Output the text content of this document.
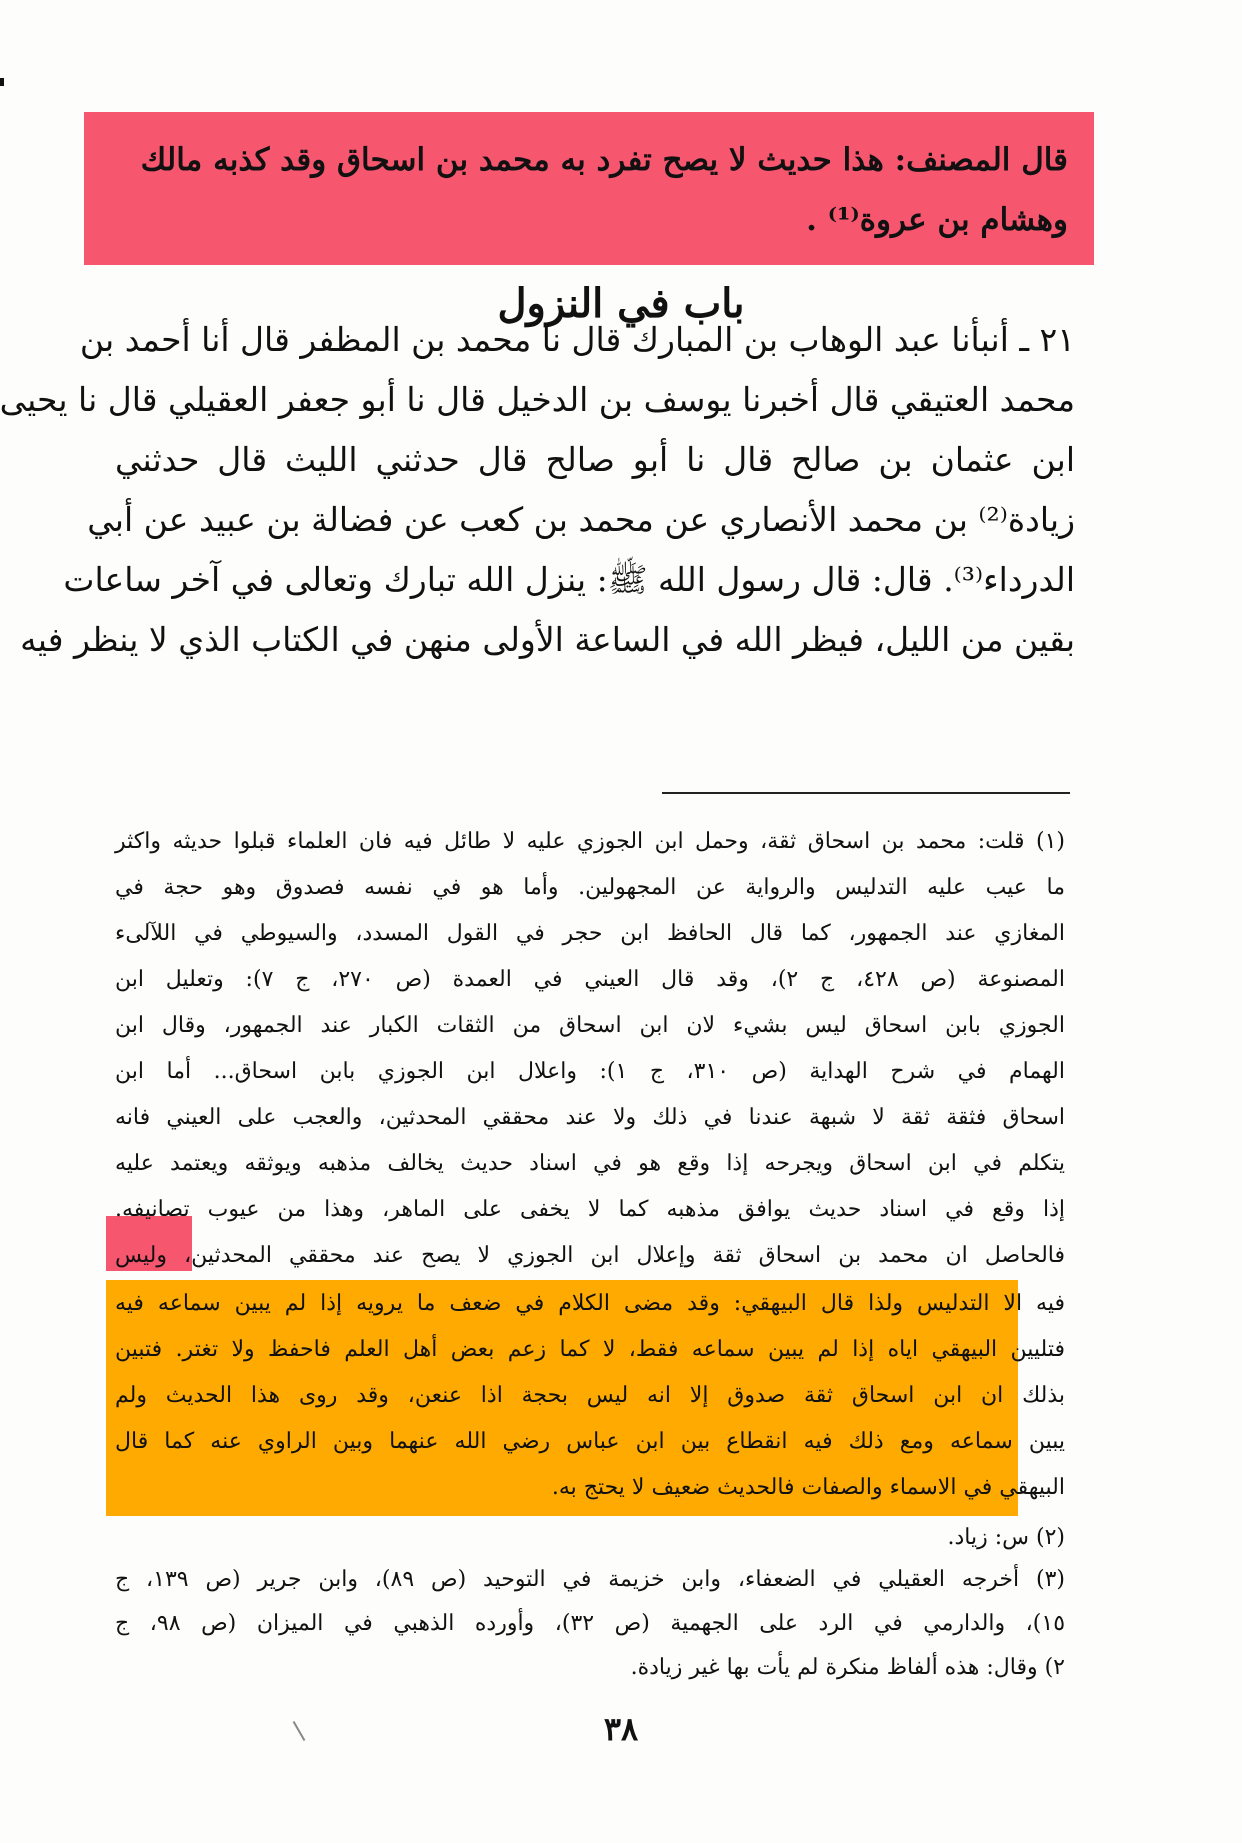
قال المصنف: هذا حديث لا يصح تفرد به محمد بن اسحاق وقد كذبه مالك

وهشام بن عروة⁽¹⁾ .

باب في النزول
٢١ ـ أنبأنا عبد الوهاب بن المبارك قال نا محمد بن المظفر قال أنا أحمد بن
محمد العتيقي قال أخبرنا يوسف بن الدخيل قال نا أبو جعفر العقيلي قال نا يحيى
ابن عثمان بن صالح قال نا أبو صالح قال حدثني الليث قال حدثني
زيادة⁽²⁾ بن محمد الأنصاري عن محمد بن كعب عن فضالة بن عبيد عن أبي
الدرداء⁽³⁾. قال: قال رسول الله ﷺ: ينزل الله تبارك وتعالى في آخر ساعات
بقين من الليل، فيظر الله في الساعة الأولى منهن في الكتاب الذي لا ينظر فيه
(١) قلت: محمد بن اسحاق ثقة، وحمل ابن الجوزي عليه لا طائل فيه فان العلماء قبلوا حديثه واكثر
ما عيب عليه التدليس والرواية عن المجهولين. وأما هو في نفسه فصدوق وهو حجة في
المغازي عند الجمهور، كما قال الحافظ ابن حجر في القول المسدد، والسيوطي في اللآلىء
المصنوعة (ص ٤٢٨، ج ٢)، وقد قال العيني في العمدة (ص ٢٧٠، ج ٧): وتعليل ابن
الجوزي بابن اسحاق ليس بشيء لان ابن اسحاق من الثقات الكبار عند الجمهور، وقال ابن
الهمام في شرح الهداية (ص ٣١٠، ج ١): واعلال ابن الجوزي بابن اسحاق... أما ابن
اسحاق فثقة ثقة لا شبهة عندنا في ذلك ولا عند محققي المحدثين، والعجب على العيني فانه
يتكلم في ابن اسحاق ويجرحه إذا وقع هو في اسناد حديث يخالف مذهبه ويوثقه ويعتمد عليه
إذا وقع في اسناد حديث يوافق مذهبه كما لا يخفى على الماهر، وهذا من عيوب تصانيفه.
فالحاصل ان محمد بن اسحاق ثقة وإعلال ابن الجوزي لا يصح عند محققي المحدثين، وليس
فيه الا التدليس ولذا قال البيهقي: وقد مضى الكلام في ضعف ما يرويه إذا لم يبين سماعه فيه
فتليين البيهقي اياه إذا لم يبين سماعه فقط، لا كما زعم بعض أهل العلم فاحفظ ولا تغتر. فتبين
بذلك ان ابن اسحاق ثقة صدوق إلا انه ليس بحجة اذا عنعن، وقد روى هذا الحديث ولم
يبين سماعه ومع ذلك فيه انقطاع بين ابن عباس رضي الله عنهما وبين الراوي عنه كما قال
البيهقي في الاسماء والصفات فالحديث ضعيف لا يحتج به.
(٢) س: زياد.
(٣) أخرجه العقيلي في الضعفاء، وابن خزيمة في التوحيد (ص ٨٩)، وابن جرير (ص ١٣٩، ج
١٥)، والدارمي في الرد على الجهمية (ص ٣٢)، وأورده الذهبي في الميزان (ص ٩٨، ج
٢) وقال: هذه ألفاظ منكرة لم يأت بها غير زيادة.
٣٨
